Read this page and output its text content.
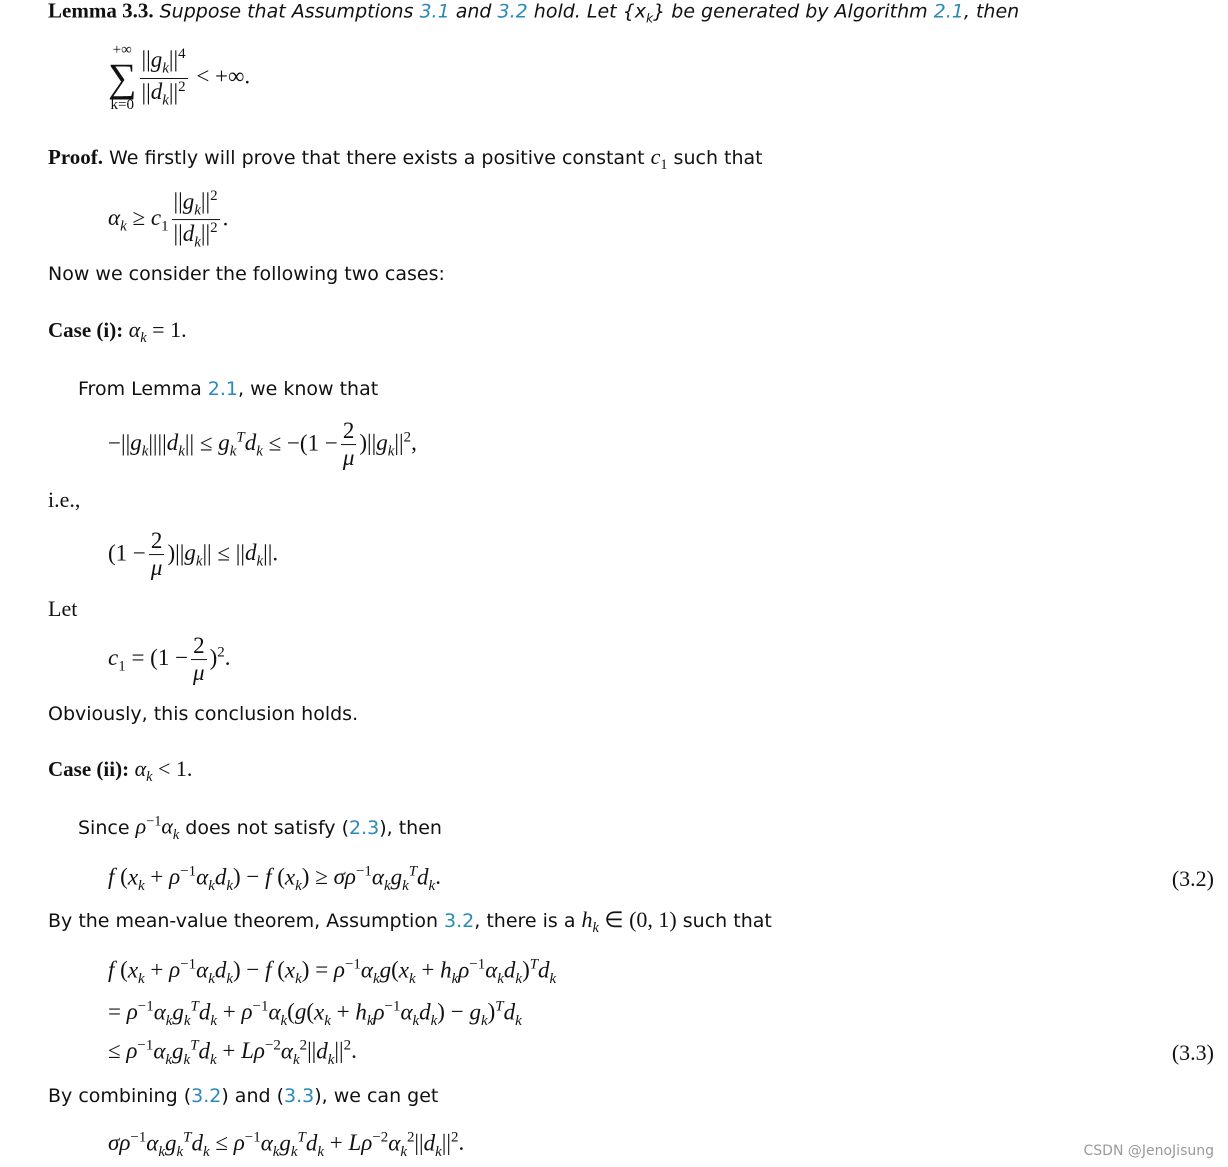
Lemma 3.3. Suppose that Assumptions 3.1 and 3.2 hold. Let $\{x_k\}$ be generated by Algorithm 2.1, then
+∞
∑
$k=0 \frac{||g_k||^4}{||d_k||^2}$ < +∞.
Proof. We firstly will prove that there exists a positive constant $c_1$ such that
$\alpha_k \ge c_1 \frac{||g_k||^2}{||d_k||^2}$ .
Now we consider the following two cases:
Case (i): $\alpha_k = 1$.
From Lemma 2.1, we know that
$-||g_k||||d_k|| \le g_k^Td_k \le -(1 - \frac{2}{\mu} )||g_k||^2$,
i.e.,
$(1 - \frac{2}{\mu} )||g_k|| \le ||d_k||$.
Let
$c_1 = (1 - \frac{2}{\mu} )^2$.
Obviously, this conclusion holds.
Case (ii): $\alpha_k < 1$.
Since $\rho^{-1}\alpha_k$ does not satisfy (2.3), then
f $(x_k + \rho^{-1}\alpha_kd_k) - f$ $(x_k) \ge \sigma\rho^{-1}\alpha_kg_k^Td_k$.	(3.2)
By the mean-value theorem, Assumption 3.2, there is a $h_k$ ∈ (0, 1) such that
f $(x_k + \rho^{-1}\alpha_kd_k) - f$ $(x_k) = \rho^{-1}\alpha_kg(x_k + h_k\rho^{-1}\alpha_kd_k)^Td_k$
= $\rho^{-1}\alpha_kg_k^Td_k + \rho^{-1}\alpha_k(g(x_k + h_k\rho^{-1}\alpha_kd_k) - g_k)^Td_k$
≤ $\rho^{-1}\alpha_kg_k^Td_k + L\rho^{-2}\alpha_k^2||d_k||^2$.	(3.3)
By combining (3.2) and (3.3), we can get
$\sigma\rho^{-1}\alpha_kg_k^Td_k \le \rho^{-1}\alpha_kg_k^Td_k + L\rho^{-2}\alpha_k^2||d_k||^2$.	CSDN @JenoJisung
